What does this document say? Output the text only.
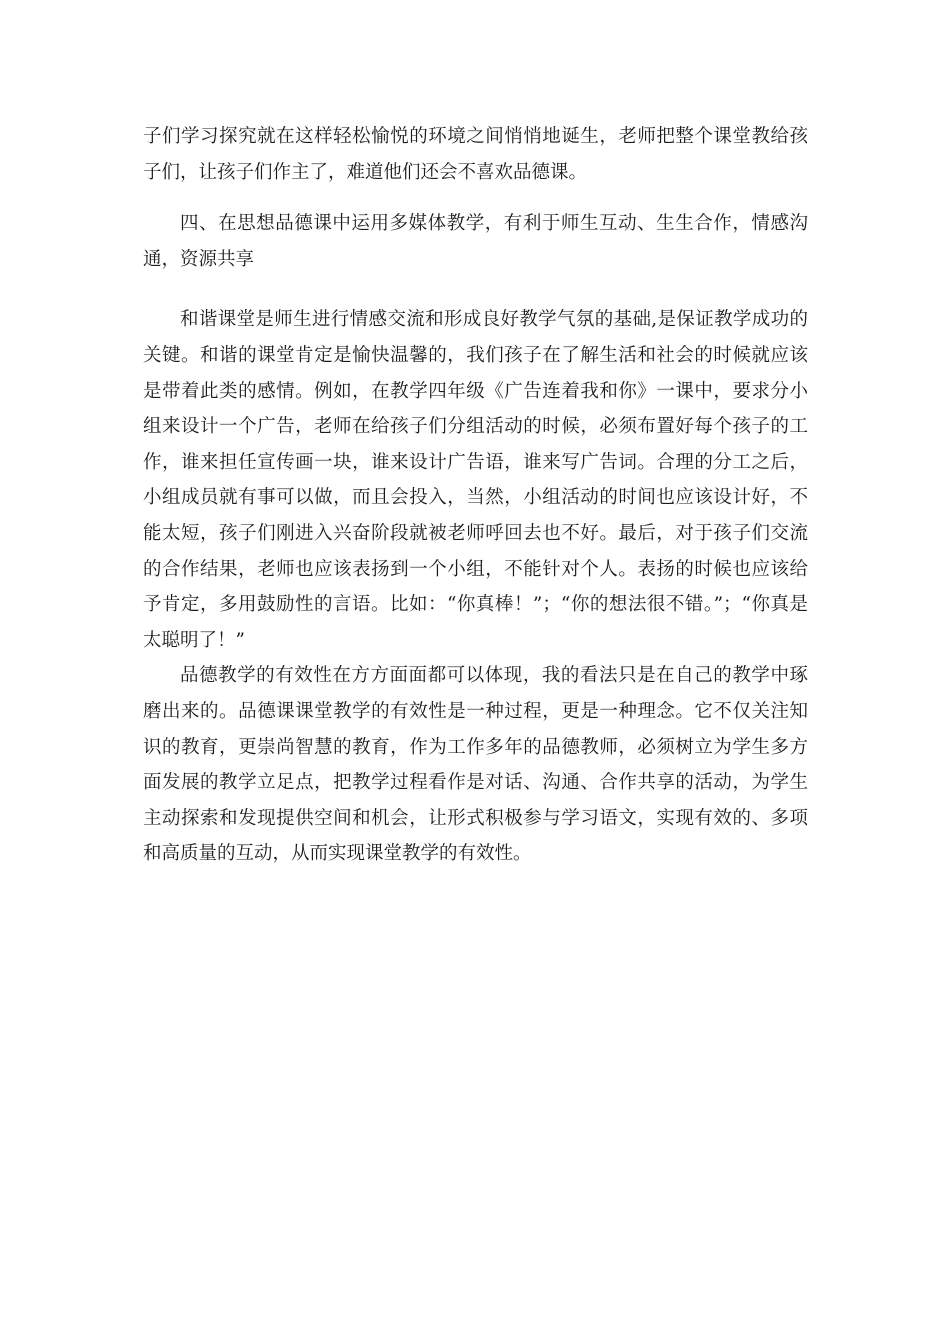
子们学习探究就在这样轻松愉悦的环境之间悄悄地诞生，老师把整个课堂教给孩子们，让孩子们作主了，难道他们还会不喜欢品德课。

四、在思想品德课中运用多媒体教学，有利于师生互动、生生合作，情感沟通，资源共享

和谐课堂是师生进行情感交流和形成良好教学气氛的基础,是保证教学成功的关键。和谐的课堂肯定是愉快温馨的，我们孩子在了解生活和社会的时候就应该是带着此类的感情。例如，在教学四年级《广告连着我和你》一课中，要求分小组来设计一个广告，老师在给孩子们分组活动的时候，必须布置好每个孩子的工作，谁来担任宣传画一块，谁来设计广告语，谁来写广告词。合理的分工之后，小组成员就有事可以做，而且会投入，当然，小组活动的时间也应该设计好，不能太短，孩子们刚进入兴奋阶段就被老师呼回去也不好。最后，对于孩子们交流的合作结果，老师也应该表扬到一个小组，不能针对个人。表扬的时候也应该给予肯定，多用鼓励性的言语。比如：“你真棒！”；“你的想法很不错。”；“你真是太聪明了！”

品德教学的有效性在方方面面都可以体现，我的看法只是在自己的教学中琢磨出来的。品德课课堂教学的有效性是一种过程，更是一种理念。它不仅关注知识的教育，更崇尚智慧的教育，作为工作多年的品德教师，必须树立为学生多方面发展的教学立足点，把教学过程看作是对话、沟通、合作共享的活动，为学生主动探索和发现提供空间和机会，让形式积极参与学习语文，实现有效的、多项和高质量的互动，从而实现课堂教学的有效性。
